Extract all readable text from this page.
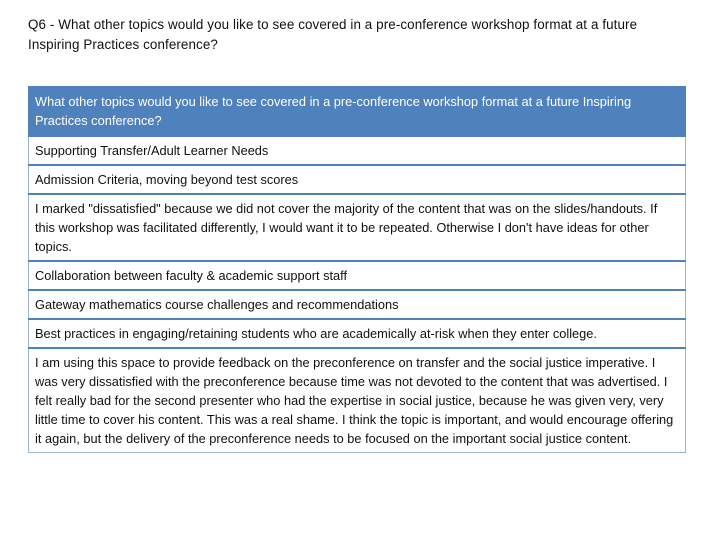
Q6 - What other topics would you like to see covered in a pre-conference workshop format at a future Inspiring Practices conference?
What other topics would you like to see covered in a pre-conference workshop format at a future Inspiring Practices conference?
Supporting Transfer/Adult Learner Needs
Admission Criteria, moving beyond test scores
I marked "dissatisfied" because we did not cover the majority of the content that was on the slides/handouts. If this workshop was facilitated differently, I would want it to be repeated. Otherwise I don't have ideas for other topics.
Collaboration between faculty & academic support staff
Gateway mathematics course challenges and recommendations
Best practices in engaging/retaining students who are academically at-risk when they enter college.
I am using this space to provide feedback on the preconference on transfer and the social justice imperative. I was very dissatisfied with the preconference because time was not devoted to the content that was advertised. I felt really bad for the second presenter who had the expertise in social justice, because he was given very, very little time to cover his content. This was a real shame. I think the topic is important, and would encourage offering it again, but the delivery of the preconference needs to be focused on the important social justice content.
